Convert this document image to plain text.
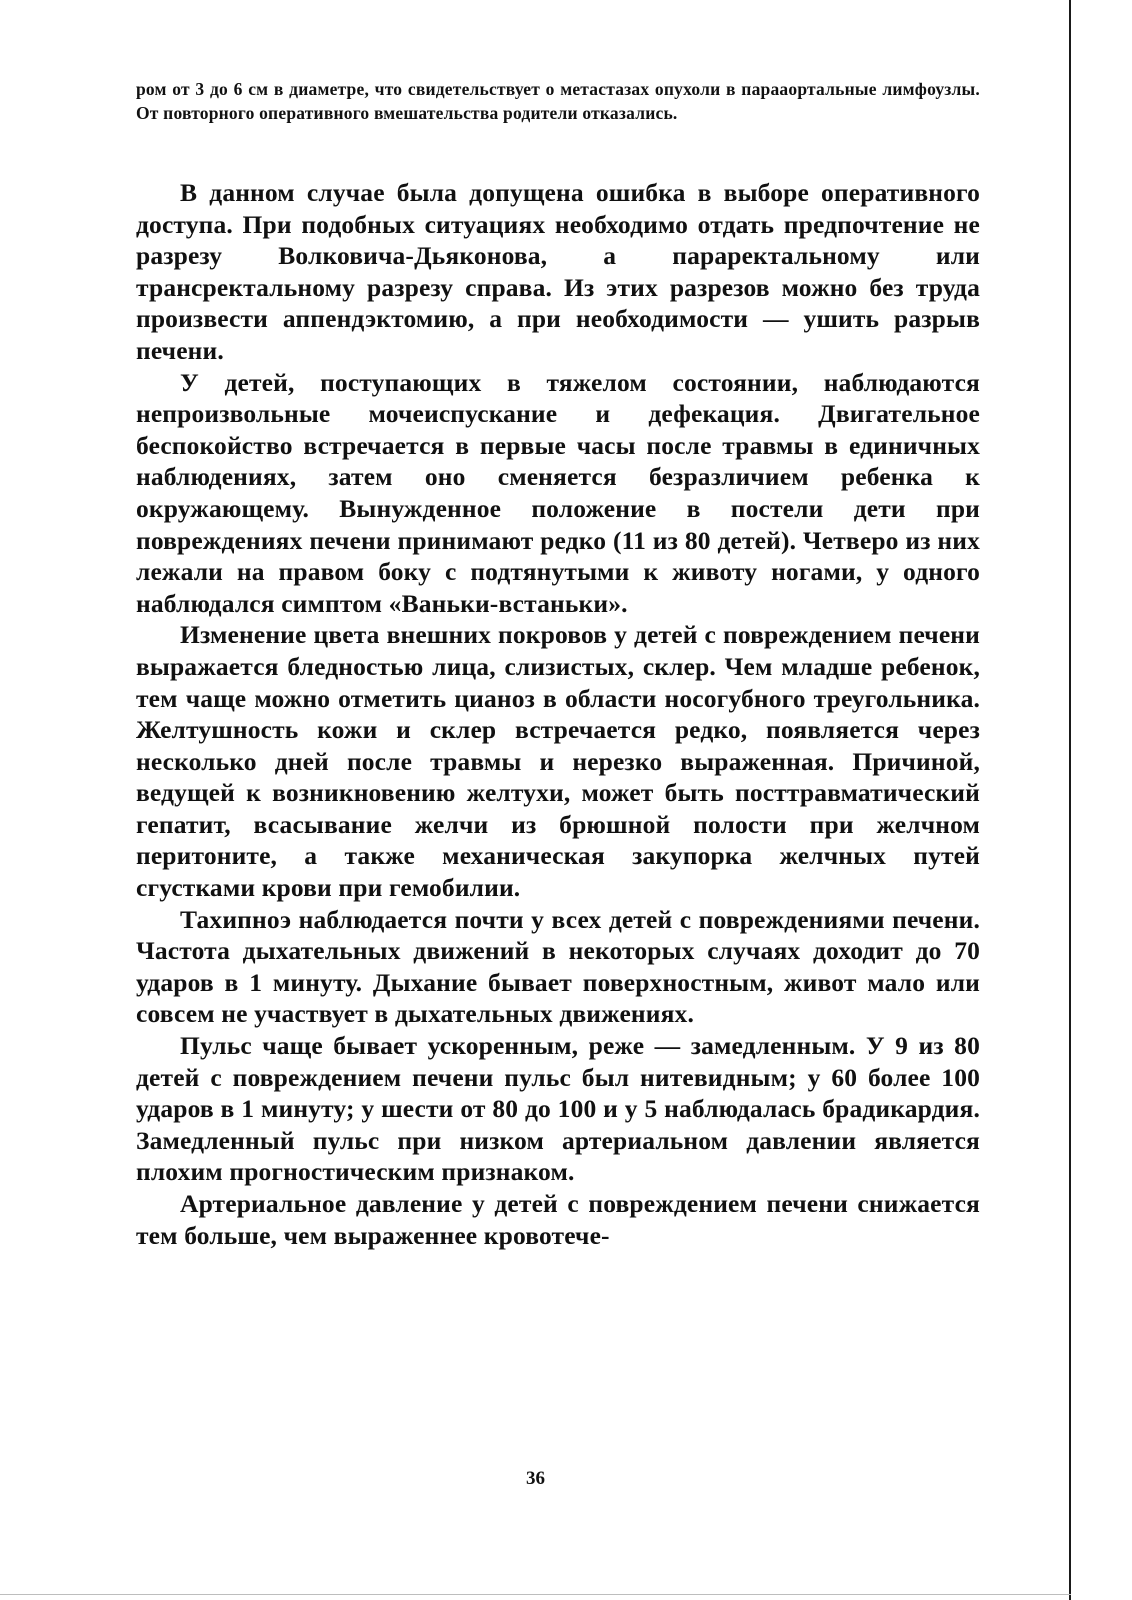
ром от 3 до 6 см в диаметре, что свидетельствует о метастазах опухоли в парааортальные лимфоузлы. От повторного оперативного вмешательства родители отказались.

В данном случае была допущена ошибка в выборе оперативного доступа. При подобных ситуациях необходимо отдать предпочтение не разрезу Волковича-Дьяконова, а параректальному или трансректальному разрезу справа. Из этих разрезов можно без труда произвести аппендэктомию, а при необходимости — ушить разрыв печени.

У детей, поступающих в тяжелом состоянии, наблюдаются непроизвольные мочеиспускание и дефекация. Двигательное беспокойство встречается в первые часы после травмы в единичных наблюдениях, затем оно сменяется безразличием ребенка к окружающему. Вынужденное положение в постели дети при повреждениях печени принимают редко (11 из 80 детей). Четверо из них лежали на правом боку с подтянутыми к животу ногами, у одного наблюдался симптом «Ваньки-встаньки».

Изменение цвета внешних покровов у детей с повреждением печени выражается бледностью лица, слизистых, склер. Чем младше ребенок, тем чаще можно отметить цианоз в области носогубного треугольника. Желтушность кожи и склер встречается редко, появляется через несколько дней после травмы и нерезко выраженная. Причиной, ведущей к возникновению желтухи, может быть посттравматический гепатит, всасывание желчи из брюшной полости при желчном перитоните, а также механическая закупорка желчных путей сгустками крови при гемобилии.

Тахипноэ наблюдается почти у всех детей с повреждениями печени. Частота дыхательных движений в некоторых случаях доходит до 70 ударов в 1 минуту. Дыхание бывает поверхностным, живот мало или совсем не участвует в дыхательных движениях.

Пульс чаще бывает ускоренным, реже — замедленным. У 9 из 80 детей с повреждением печени пульс был нитевидным; у 60 более 100 ударов в 1 минуту; у шести от 80 до 100 и у 5 наблюдалась брадикардия. Замедленный пульс при низком артериальном давлении является плохим прогностическим признаком.

Артериальное давление у детей с повреждением печени снижается тем больше, чем выраженнее кровотече-

36
